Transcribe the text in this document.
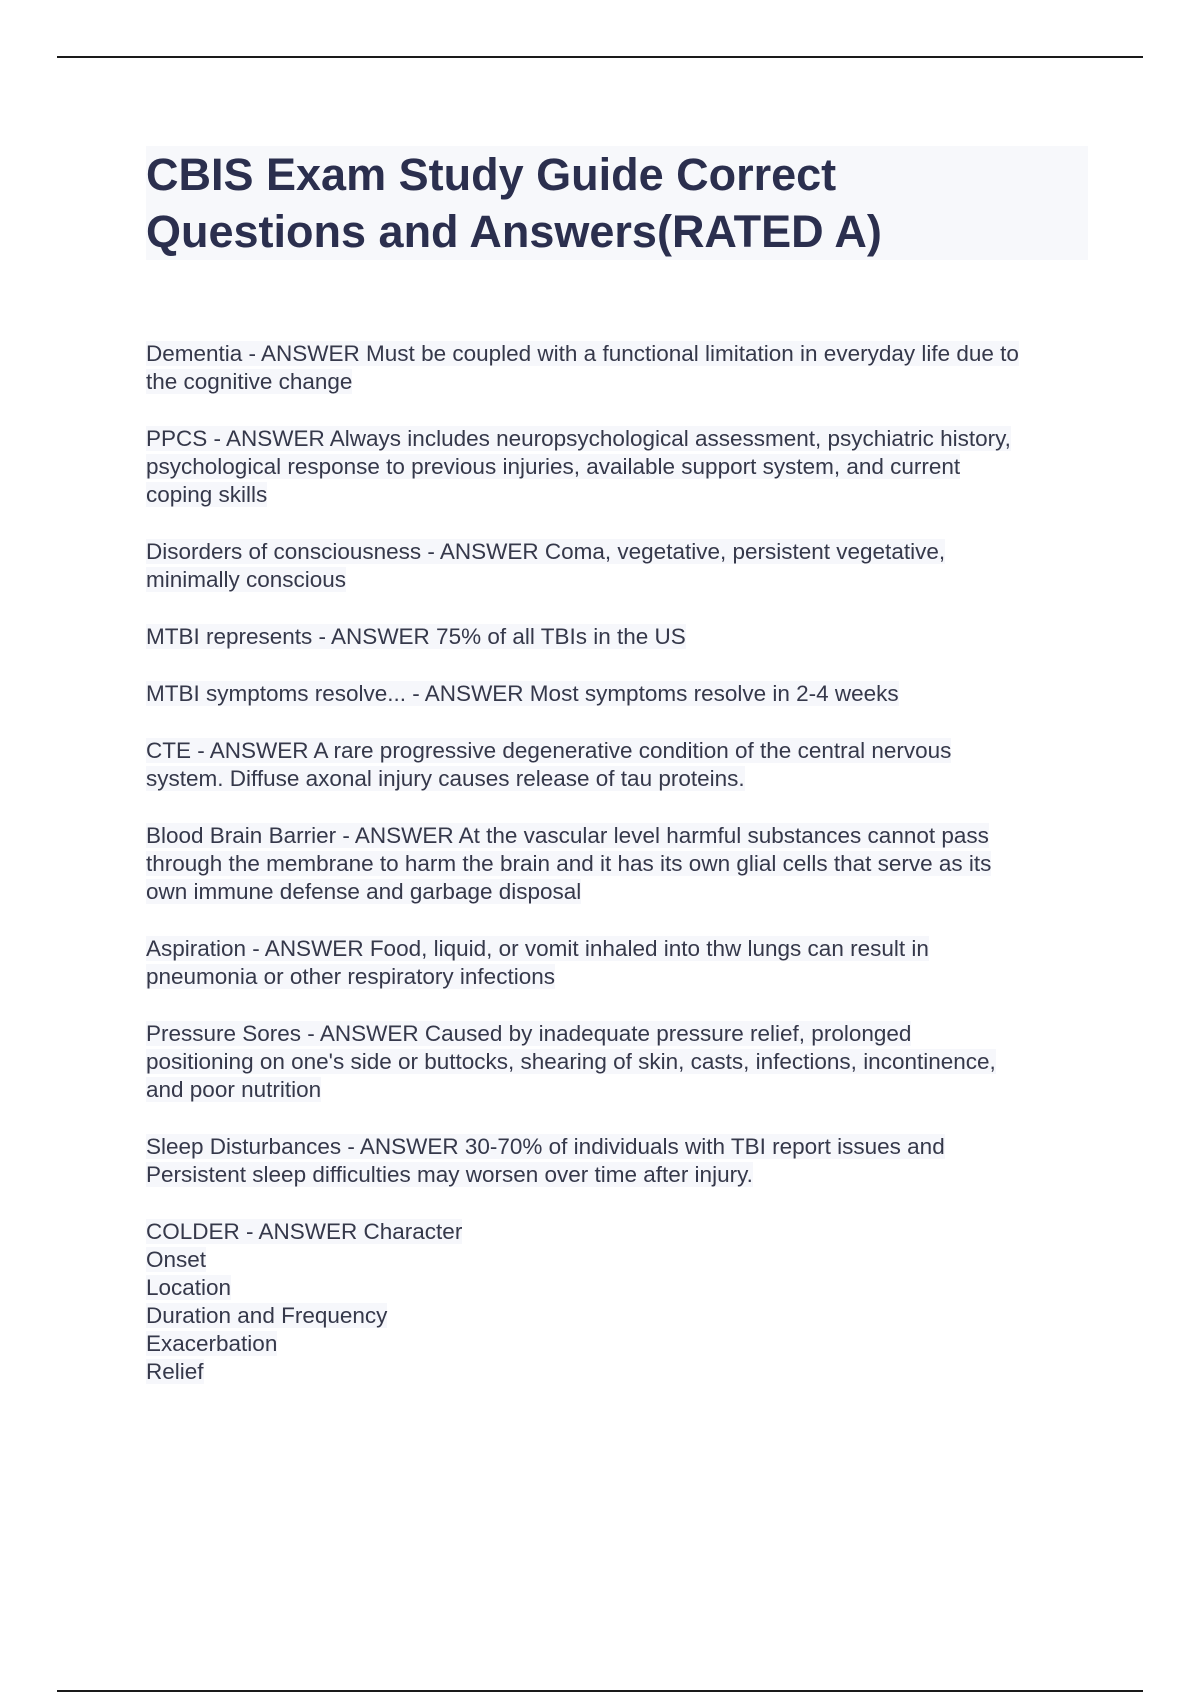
CBIS Exam Study Guide Correct
Questions and Answers(RATED A)
Dementia - ANSWER Must be coupled with a functional limitation in everyday life due to
the cognitive change
PPCS - ANSWER Always includes neuropsychological assessment, psychiatric history,
psychological response to previous injuries, available support system, and current
coping skills
Disorders of consciousness - ANSWER Coma, vegetative, persistent vegetative,
minimally conscious
MTBI represents - ANSWER 75% of all TBIs in the US
MTBI symptoms resolve... - ANSWER Most symptoms resolve in 2-4 weeks
CTE - ANSWER A rare progressive degenerative condition of the central nervous
system. Diffuse axonal injury causes release of tau proteins.
Blood Brain Barrier - ANSWER At the vascular level harmful substances cannot pass
through the membrane to harm the brain and it has its own glial cells that serve as its
own immune defense and garbage disposal
Aspiration - ANSWER Food, liquid, or vomit inhaled into thw lungs can result in
pneumonia or other respiratory infections
Pressure Sores - ANSWER Caused by inadequate pressure relief, prolonged
positioning on one's side or buttocks, shearing of skin, casts, infections, incontinence,
and poor nutrition
Sleep Disturbances - ANSWER 30-70% of individuals with TBI report issues and
Persistent sleep difficulties may worsen over time after injury.
COLDER - ANSWER Character
Onset
Location
Duration and Frequency
Exacerbation
Relief
